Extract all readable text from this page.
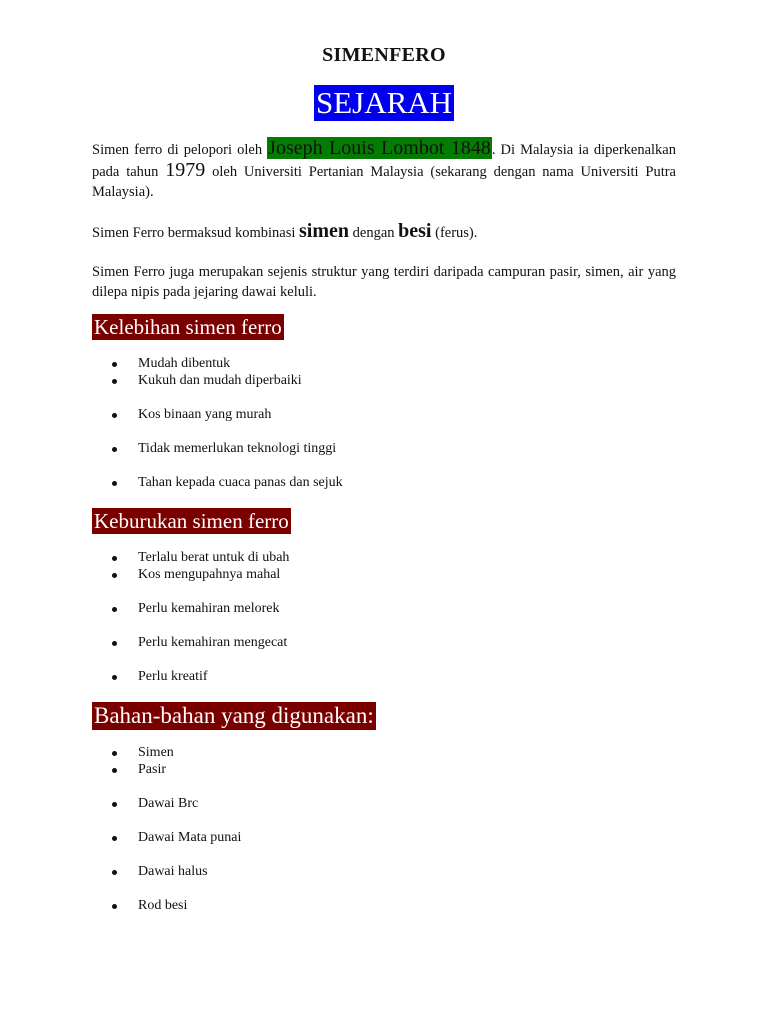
SIMENFERO
SEJARAH

Simen ferro di pelopori oleh Joseph Louis Lombot 1848. Di Malaysia ia diperkenalkan pada tahun 1979 oleh Universiti Pertanian Malaysia (sekarang dengan nama Universiti Putra Malaysia).

Simen Ferro bermaksud kombinasi simen dengan besi (ferus).

Simen Ferro juga merupakan sejenis struktur yang terdiri daripada campuran pasir, simen, air yang dilepa nipis pada jejaring dawai keluli.

Kelebihan simen ferro
Mudah dibentuk
Kukuh dan mudah diperbaiki
Kos binaan yang murah
Tidak memerlukan teknologi tinggi
Tahan kepada cuaca panas dan sejuk
Keburukan simen ferro
Terlalu berat untuk di ubah
Kos mengupahnya mahal
Perlu kemahiran melorek
Perlu kemahiran mengecat
Perlu kreatif
Bahan-bahan yang digunakan:
Simen
Pasir
Dawai Brc
Dawai Mata punai
Dawai halus
Rod besi
